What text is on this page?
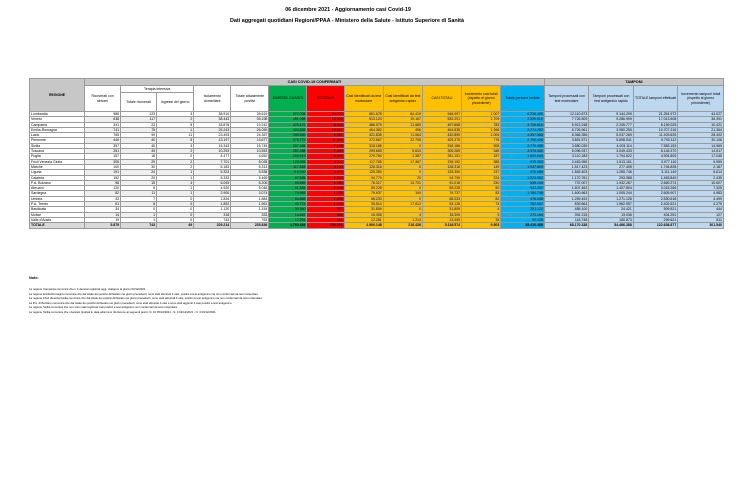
06 dicembre 2021 - Aggiornamento casi Covid-19
Dati aggregati quotidiani Regioni/PPAA - Ministero della Salute - Istituto Superiore di Sanità
REGIONE	CASI COVID-19 CONFERMATI												TAMPONI			
	Ricoverati con sintomi	Terapia intensiva		Isolamento domiciliare	Totale attualmente positivi	DIMESSI/ GUARITI	DECEDUTI	Casi identificati da test molecolare	Casi identificati da test antigenico rapido	CASI TOTALI	Incremento casi totali (rispetto al giorno precedente)	Totale persone testate	Tamponi processati con test molecolare	Tamponi processati con test antigenico rapido	TOTALE tamponi effettuati	Incremento tamponi totali (rispetto al giorno precedente)
		Totale ricoverati	Ingressi del giorno													
Lombardia	986	123	3	38.510	39.619	872.008	34.470	861.678	84.419	946.097	1.007	6.236.495	12.110.673	9.144.299	21.254.972	44.027
Veneto	638	117	2	38.443	39.198	481.068	12.005	513.124	19.167	532.291	1.709	2.329.510	7.726.509	9.286.999	17.013.508	36.391
Campania	341	23	5	18.878	19.242	470.172	8.254	486.079	11.589	497.668	783	3.726.819	5.913.248	2.245.777	8.159.025	10.421
Emilia-Romagna	741	75	1	25.243	26.059	424.839	13.842	464.382	456	464.838	1.396	2.274.282	6.726.961	3.980.255	10.707.216	21.364
Lazio	765	99	11	23.493	24.357	399.520	9.022	421.835	11.064	432.899	1.004	4.357.353	6.366.356	5.037.269	11.403.625	28.402
Piemonte	440	40	5	13.197	13.677	379.772	11.906	372.667	32.708	405.375	776	2.790.428	3.891.571	5.898.541	9.790.112	30.106
Sicilia	357	45	3	15.343	15.745	307.445	7.196	318.186	0	318.186	505	2.776.405	3.580.039	4.003.114	7.583.153	14.969
Toscana	251	49	2	10.253	10.553	287.288	7.430	299.659	5.610	305.269	348	3.374.442	5.096.937	3.049.433	8.146.370	14.517
Puglia	157	18	0	4.477	4.652	269.619	6.900	279.784	1.387	281.151	187	1.620.643	3.110.183	1.794.622	4.904.805	17.045
Friuli Venezia Giulia	305	29	2	7.701	8.035	123.093	4.024	117.785	17.367	135.152	388	915.363	2.463.955	1.513.161	3.977.116	9.959
Marche	100	30	2	5.183	5.313	117.845	3.160	126.316	0	126.316	149	1.037.803	1.517.423	277.405	1.794.828	2.187
Liguria	191	24	1	5.323	5.538	115.340	4.472	125.350	0	125.350	247	975.688	1.845.403	1.265.746	3.111.149	6.614
Calabria	152	20	1	5.333	5.465	87.865	1.509	94.779	20	94.799	224	1.223.052	1.170.761	293.088	1.463.849	2.435
P.A. Bolzano	98	15	4	6.093	6.206	83.559	1.253	76.317	14.701	91.018	230	539.194	737.007	1.932.267	2.669.274	10.607
Abruzzo	120	6	1	4.920	5.046	81.583	2.599	89.228	0	89.228	80	943.257	1.607.462	1.407.804	3.015.266	7.325
Sardegna	82	11	1	2.900	3.074	74.963	1.700	79.637	100	79.737	83	1.164.748	1.600.663	1.005.244	2.605.907	4.983
Umbria	43	7	0	1.834	1.884	64.855	1.494	68.233	0	68.233	82	476.246	1.259.492	1.271.126	2.530.618	4.499
P.A. Trento	61	8	0	1.892	1.961	49.773	1.392	35.514	17.612	53.126	74	752.657	839.664	1.562.957	2.402.621	4.275
Basilicata	34	0	0	1.120	1.154	30.340	627	31.809	0	31.809	4	251.122	485.100	24.421	509.521	444
Molise	14	1	0	318	333	14.467	509	15.305	4	15.309	3	270.154	391.215	13.036	404.251	127
Valle d'Aosta	19	1	0	743	763	12.251	481	12.281	1.214	13.495	35	90.128	116.748	180.873	299.621	811
TOTALE	5.879	743	49	229.214	235.836	4.760.454	134.291	4.900.148	218.426	5.116.574	9.503	38.416.485	68.170.338	54.466.388	122.636.677	301.540
Note:
La regione Campania comunica che n.4 decessi registrati oggi, risalgono al giorno 03/12/2021.
La regione Emilia-Romagna comunica che dal totale dei positivi dichiarato nei giorni precedenti, sono stati eliminati 4 casi, positivi a test antigenico ma non confermati da test molecolare.
La regione Friuli Venezia Giulia comunica che dal totale dei positivi dichiarato nei giorni precedenti, sono stati eliminati 4 casi, positivi a test antigenico ma non confermati da test molecolare.
La P.A. di Bolzano comunica che dal totale dei positivi dichiarato nei giorni precedenti, sono stati eliminati 4 casi e sono stati aggiunti 4 casi positivi a test antigenico.
La regione Sicilia comunica che non sono stati registrati casi positivi a test antigenico non confermati da test molecolare.
La regione Sicilia comunica che i decessi riportati in data odierna si riferiscono ai seguenti giorni: N. 10 05/12/2021 - N. 4 04/12/2021 - N. 3 03/12/2021.
